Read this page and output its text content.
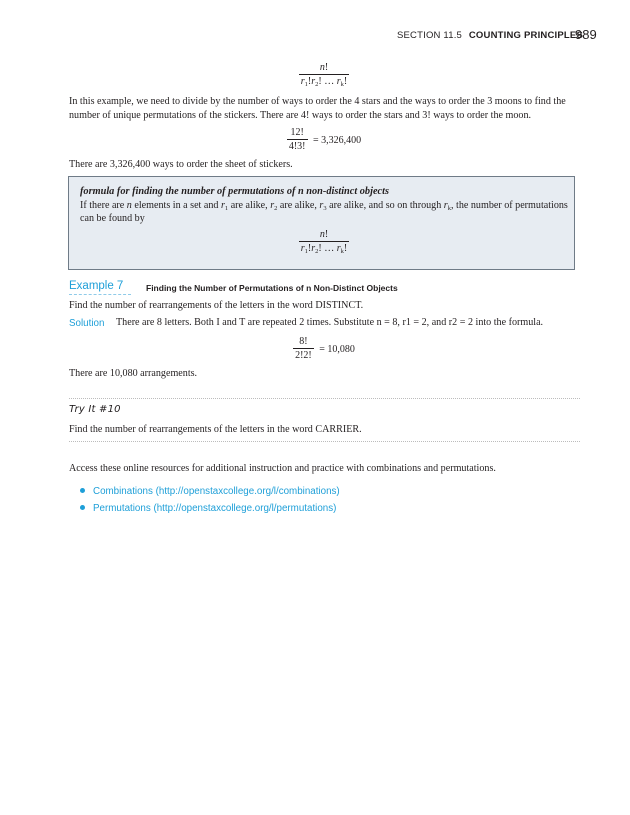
SECTION 11.5 COUNTING PRINCIPLES
989
$\frac{n!}{r_1!r_2! \dots r_k!}$
In this example, we need to divide by the number of ways to order the 4 stars and the ways to order the 3 moons to find the number of unique permutations of the stickers. There are 4! ways to order the stars and 3! ways to order the moon.
$\frac{12!}{4!3!} = 3,326,400$
There are 3,326,400 ways to order the sheet of stickers.
formula for finding the number of permutations of n non-distinct objects
If there are n elements in a set and $r_1$ are alike, $r_2$ are alike, $r_3$ are alike, and so on through $r_k$, the number of permutations can be found by
$\frac{n!}{r_1!r_2! \dots r_k!}$
Example 7	Finding the Number of Permutations of n Non-Distinct Objects
Find the number of rearrangements of the letters in the word DISTINCT.
Solution There are 8 letters. Both I and T are repeated 2 times. Substitute n = 8, r1 = 2, and r2 = 2 into the formula.
$\frac{8!}{2!2!} = 10,080$
There are 10,080 arrangements.
Try It #10
Find the number of rearrangements of the letters in the word CARRIER.
Access these online resources for additional instruction and practice with combinations and permutations.
Combinations (http://openstaxcollege.org/l/combinations)
Permutations (http://openstaxcollege.org/l/permutations)
